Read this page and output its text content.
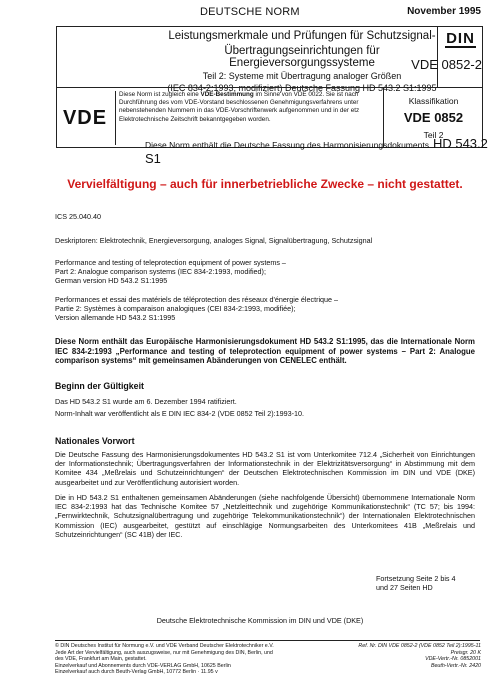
DEUTSCHE NORM	November 1995
Leistungsmerkmale und Prüfungen für Schutzsignal-
Übertragungseinrichtungen für Energieversorgungssysteme
Teil 2: Systeme mit Übertragung analoger Größen
(IEC 834-2:1993, modifiziert) Deutsche Fassung HD 543.2 S1:1995
DIN
VDE 0852-2
VDE
Diese Norm ist zugleich eine VDE-Bestimmung im Sinne von VDE 0022. Sie ist nach Durchführung des vom VDE-Vorstand beschlossenen Genehmigungsverfahrens unter nebenstehenden Nummern in das VDE-Vorschriftenwerk aufgenommen und in der etz Elektrotechnische Zeitschrift bekanntgegeben worden.
Klassifikation
VDE 0852
Teil 2
Diese Norm enthält die Deutsche Fassung des Harmonisierungsdokuments HD 543.2 S1
Vervielfältigung – auch für innerbetriebliche Zwecke – nicht gestattet.
ICS 25.040.40
Deskriptoren: Elektrotechnik, Energieversorgung, analoges Signal, Signalübertragung, Schutzsignal
Performance and testing of teleprotection equipment of power systems –
Part 2: Analogue comparison systems (IEC 834-2:1993, modified);
German version HD 543.2 S1:1995
Performances et essai des matériels de téléprotection des réseaux d'énergie électrique –
Partie 2: Systèmes à comparaison analogiques (CEI 834-2:1993, modifiée);
Version allemande HD 543.2 S1:1995
Diese Norm enthält das Europäische Harmonisierungsdokument HD 543.2 S1:1995, das die Internationale Norm IEC 834-2:1993 „Performance and testing of teleprotection equipment of power systems – Part 2: Analogue comparison systems“ mit gemeinsamen Abänderungen von CENELEC enthält.
Beginn der Gültigkeit
Das HD 543.2 S1 wurde am 6. Dezember 1994 ratifiziert.
Norm-Inhalt war veröffentlicht als E DIN IEC 834-2 (VDE 0852 Teil 2):1993-10.
Nationales Vorwort
Die Deutsche Fassung des Harmonisierungsdokumentes HD 543.2 S1 ist vom Unterkomitee 712.4 „Sicherheit von Einrichtungen der Informationstechnik; Übertragungsverfahren der Informationstechnik in der Elektrizitätsversorgung“ in Abstimmung mit dem Komitee 434 „Meßrelais und Schutzeinrichtungen“ der Deutschen Elektrotechnischen Kommission im DIN und VDE (DKE) ausgearbeitet und zur Veröffentlichung autorisiert worden.
Die in HD 543.2 S1 enthaltenen gemeinsamen Abänderungen (siehe nachfolgende Übersicht) übernommene Internationale Norm IEC 834-2:1993 hat das Technische Komitee 57 „Netzleittechnik und zugehörige Kommunikationstechnik“ (TC 57; bis 1994: „Fernwirktechnik, Schutzsignalübertragung und zugehörige Telekommunikationstechnik“) der Internationalen Elektrotechnischen Kommission (IEC) ausgearbeitet, gestützt auf einschlägige Normungsarbeiten des Unterkomitees 41B „Meßrelais und Schutzeinrichtungen“ (SC 41B) der IEC.
Fortsetzung Seite 2 bis 4
und 27 Seiten HD
Deutsche Elektrotechnische Kommission im DIN und VDE (DKE)
© DIN Deutsches Institut für Normung e.V. und VDE Verband Deutscher Elektrotechniker e.V.
Jede Art der Vervielfältigung, auch auszugsweise, nur mit Genehmigung des DIN, Berlin, und
des VDE, Frankfurt am Main, gestattet.
Einzelverkauf und Abonnements durch VDE-VERLAG GmbH, 10625 Berlin
Einzelverkauf auch durch Beuth-Verlag GmbH, 10772 Berlin · 11.95 v
Ref. Nr. DIN VDE 0852-2 (VDE 0852 Teil 2):1995-11
Preisgr. 20 K
VDE-Vertr.-Nr. 0852001
Beuth-Vertr.-Nr. 2420
